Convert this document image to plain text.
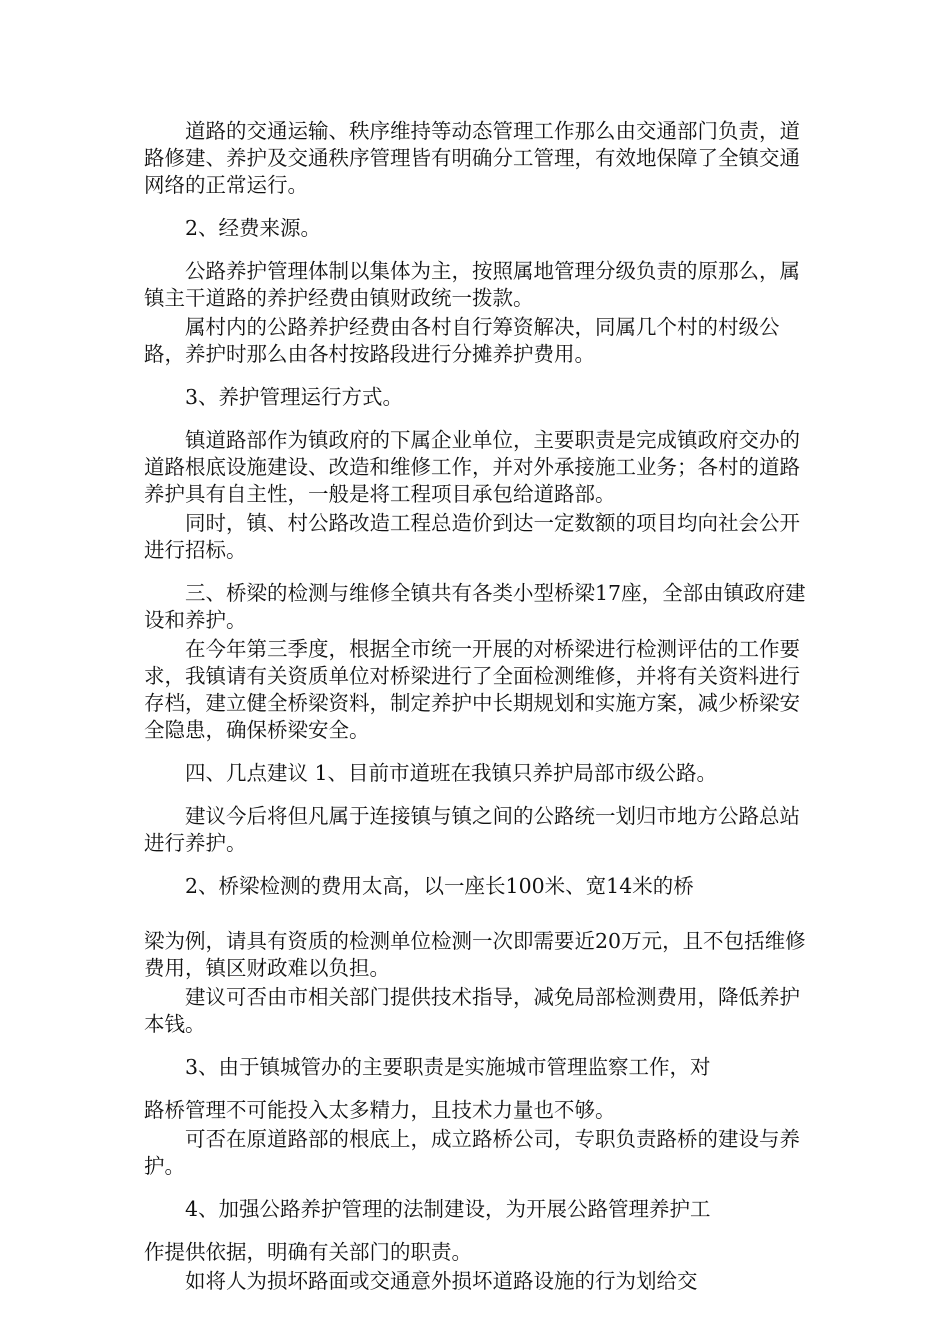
道路的交通运输、秩序维持等动态管理工作那么由交通部门负责，道路修建、养护及交通秩序管理皆有明确分工管理，有效地保障了全镇交通网络的正常运行。

2、经费来源。

公路养护管理体制以集体为主，按照属地管理分级负责的原那么，属镇主干道路的养护经费由镇财政统一拨款。

属村内的公路养护经费由各村自行筹资解决，同属几个村的村级公路，养护时那么由各村按路段进行分摊养护费用。

3、养护管理运行方式。

镇道路部作为镇政府的下属企业单位，主要职责是完成镇政府交办的道路根底设施建设、改造和维修工作，并对外承接施工业务；各村的道路养护具有自主性，一般是将工程项目承包给道路部。

同时，镇、村公路改造工程总造价到达一定数额的项目均向社会公开进行招标。

三、桥梁的检测与维修全镇共有各类小型桥梁17座，全部由镇政府建设和养护。

在今年第三季度，根据全市统一开展的对桥梁进行检测评估的工作要求，我镇请有关资质单位对桥梁进行了全面检测维修，并将有关资料进行存档，建立健全桥梁资料，制定养护中长期规划和实施方案，减少桥梁安全隐患，确保桥梁安全。

四、几点建议 1、目前市道班在我镇只养护局部市级公路。

建议今后将但凡属于连接镇与镇之间的公路统一划归市地方公路总站进行养护。

2、桥梁检测的费用太高，以一座长100米、宽14米的桥

梁为例，请具有资质的检测单位检测一次即需要近20万元，且不包括维修费用，镇区财政难以负担。

建议可否由市相关部门提供技术指导，减免局部检测费用，降低养护本钱。

3、由于镇城管办的主要职责是实施城市管理监察工作，对

路桥管理不可能投入太多精力，且技术力量也不够。

可否在原道路部的根底上，成立路桥公司，专职负责路桥的建设与养护。

4、加强公路养护管理的法制建设，为开展公路管理养护工

作提供依据，明确有关部门的职责。

如将人为损坏路面或交通意外损坏道路设施的行为划给交
